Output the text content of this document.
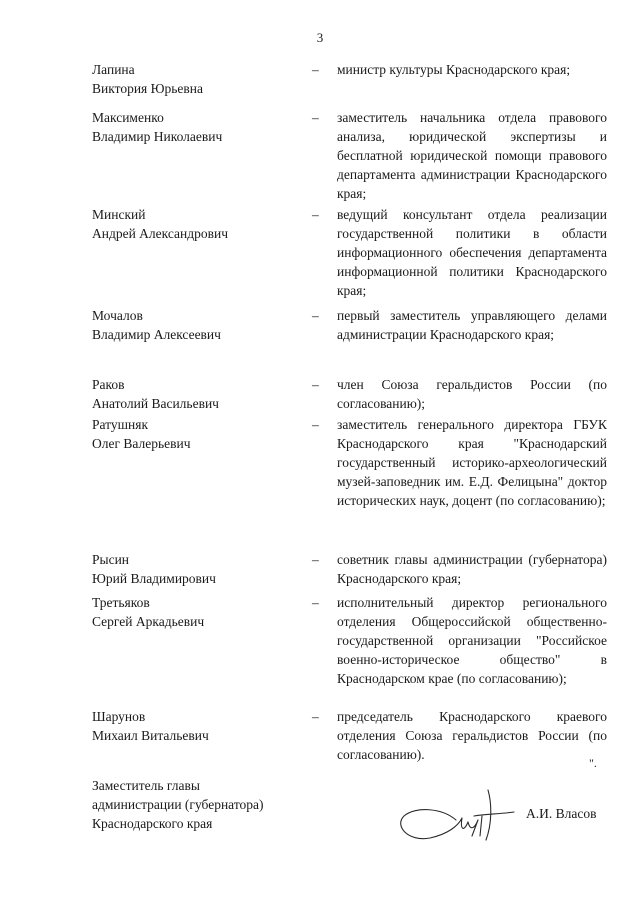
3
Лапина
Виктория Юрьевна
– министр культуры Краснодарского края;
Максименко
Владимир Николаевич
– заместитель начальника отдела правового анализа, юридической экспертизы и бесплатной юридической помощи правового департамента администрации Краснодарского края;
Минский
Андрей Александрович
– ведущий консультант отдела реализации государственной политики в области информационного обеспечения департамента информационной политики Краснодарского края;
Мочалов
Владимир Алексеевич
– первый заместитель управляющего делами администрации Краснодарского края;
Раков
Анатолий Васильевич
– член Союза геральдистов России (по согласованию);
Ратушняк
Олег Валерьевич
– заместитель генерального директора ГБУК Краснодарского края "Краснодарский государственный историко-археологический музей-заповедник им. Е.Д. Фелицына" доктор исторических наук, доцент (по согласованию);
Рысин
Юрий Владимирович
– советник главы администрации (губернатора) Краснодарского края;
Третьяков
Сергей Аркадьевич
– исполнительный директор регионального отделения Общероссийской общественно-государственной организации "Российское военно-историческое общество" в Краснодарском крае (по согласованию);
Шарунов
Михаил Витальевич
– председатель Краснодарского краевого отделения Союза геральдистов России (по согласованию).
".
Заместитель главы
администрации (губернатора)
Краснодарского края
А.И. Власов
